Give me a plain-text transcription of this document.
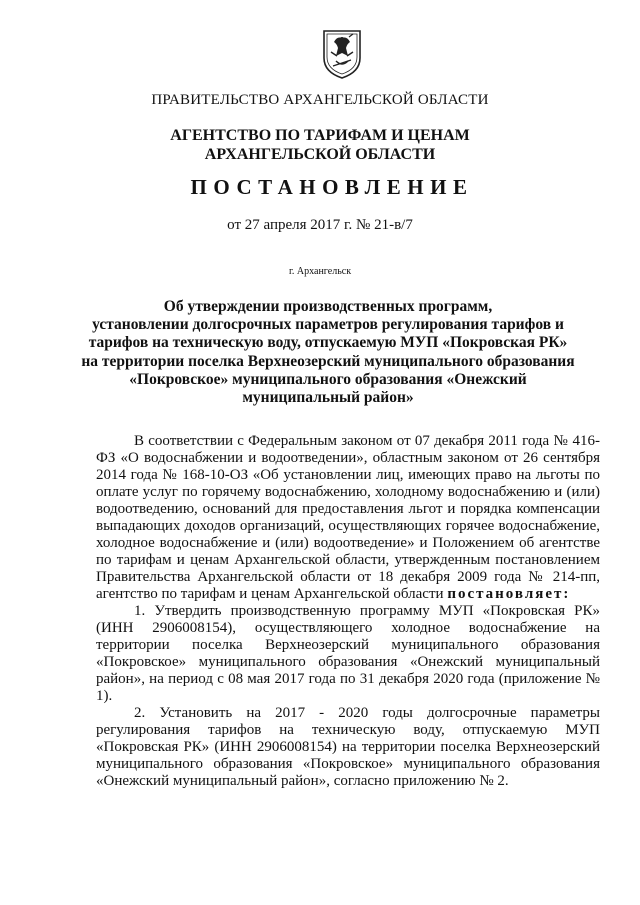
ПРАВИТЕЛЬСТВО АРХАНГЕЛЬСКОЙ ОБЛАСТИ
АГЕНТСТВО ПО ТАРИФАМ И ЦЕНАМ
АРХАНГЕЛЬСКОЙ ОБЛАСТИ
ПОСТАНОВЛЕНИЕ
от 27 апреля 2017 г. № 21-в/7
г. Архангельск
Об утверждении производственных программ,
установлении долгосрочных параметров регулирования тарифов и
тарифов на техническую воду, отпускаемую МУП «Покровская РК»
на территории поселка Верхнеозерский муниципального образования
«Покровское» муниципального образования «Онежский
муниципальный район»

В соответствии с Федеральным законом от 07 декабря 2011 года № 416-ФЗ «О водоснабжении и водоотведении», областным законом от 26 сентября 2014 года № 168-10-ОЗ «Об установлении лиц, имеющих право на льготы по оплате услуг по горячему водоснабжению, холодному водоснабжению и (или) водоотведению, оснований для предоставления льгот и порядка компенсации выпадающих доходов организаций, осуществляющих горячее водоснабжение, холодное водоснабжение и (или) водоотведение» и Положением об агентстве по тарифам и ценам Архангельской области, утвержденным постановлением Правительства Архангельской области от 18 декабря 2009 года № 214-пп, агентство по тарифам и ценам Архангельской области постановляет:

1. Утвердить производственную программу МУП «Покровская РК» (ИНН 2906008154), осуществляющего холодное водоснабжение на территории поселка Верхнеозерский муниципального образования «Покровское» муниципального образования «Онежский муниципальный район», на период с 08 мая 2017 года по 31 декабря 2020 года (приложение № 1).

2. Установить на 2017 - 2020 годы долгосрочные параметры регулирования тарифов на техническую воду, отпускаемую МУП «Покровская РК» (ИНН 2906008154) на территории поселка Верхнеозерский муниципального образования «Покровское» муниципального образования «Онежский муниципальный район», согласно приложению № 2.
